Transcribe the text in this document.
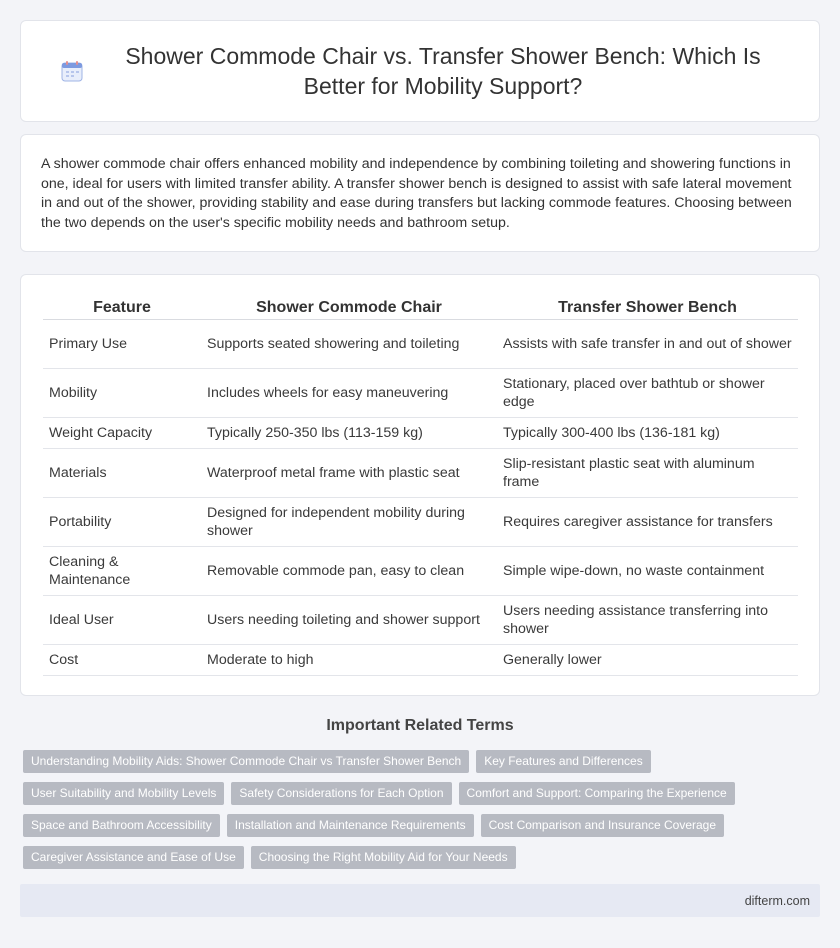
Shower Commode Chair vs. Transfer Shower Bench: Which Is Better for Mobility Support?

A shower commode chair offers enhanced mobility and independence by combining toileting and showering functions in one, ideal for users with limited transfer ability. A transfer shower bench is designed to assist with safe lateral movement in and out of the shower, providing stability and ease during transfers but lacking commode features. Choosing between the two depends on the user's specific mobility needs and bathroom setup.

Feature	Shower Commode Chair	Transfer Shower Bench
Primary Use	Supports seated showering and toileting	Assists with safe transfer in and out of shower
Mobility	Includes wheels for easy maneuvering	Stationary, placed over bathtub or shower edge
Weight Capacity	Typically 250-350 lbs (113-159 kg)	Typically 300-400 lbs (136-181 kg)
Materials	Waterproof metal frame with plastic seat	Slip-resistant plastic seat with aluminum frame
Portability	Designed for independent mobility during shower	Requires caregiver assistance for transfers
Cleaning & Maintenance	Removable commode pan, easy to clean	Simple wipe-down, no waste containment
Ideal User	Users needing toileting and shower support	Users needing assistance transferring into shower
Cost	Moderate to high	Generally lower
Important Related Terms
Understanding Mobility Aids: Shower Commode Chair vs Transfer Shower Bench	Key Features and Differences
User Suitability and Mobility Levels	Safety Considerations for Each Option	Comfort and Support: Comparing the Experience
Space and Bathroom Accessibility	Installation and Maintenance Requirements	Cost Comparison and Insurance Coverage
Caregiver Assistance and Ease of Use	Choosing the Right Mobility Aid for Your Needs
difterm.com
